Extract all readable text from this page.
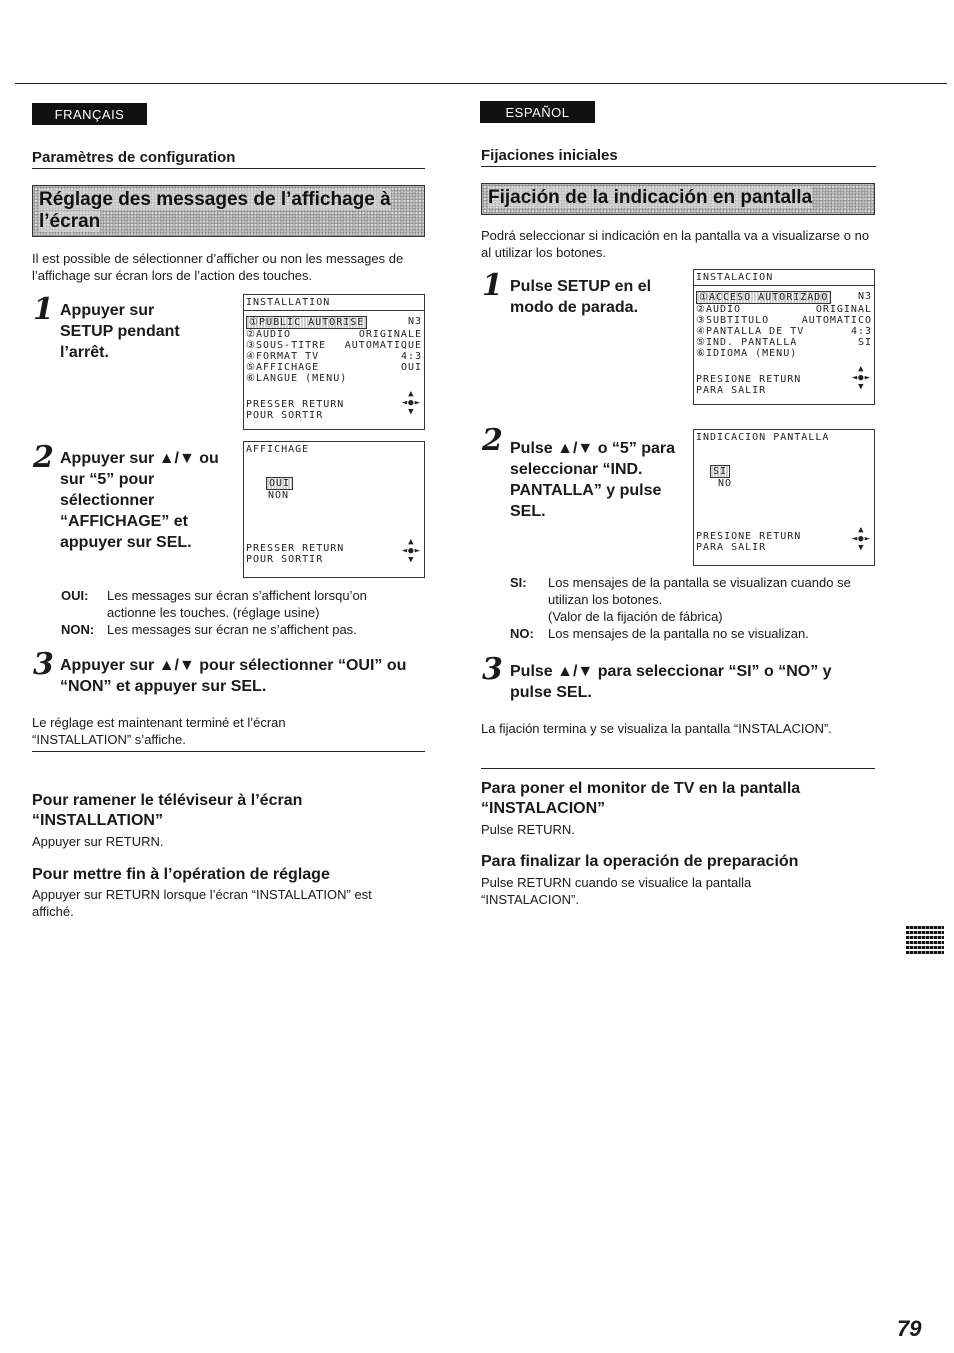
FRANÇAIS
Paramètres de configuration
Réglage des messages de l’affichage à
l’écran
Il est possible de sélectionner d’afficher ou non les messages de l’affichage sur écran lors de l’action des touches.
1 Appuyer sur SETUP pendant l’arrêt.
INSTALLATION
①PUBLIC AUTORISE	N3
②AUDIO	ORIGINALE
③SOUS-TITRE AUTOMATIQUE
④FORMAT TV	4:3
⑤AFFICHAGE	OUI
⑥LANGUE (MENU)
PRESSER RETURN
POUR SORTIR
▲
◄●►
▼
2 Appuyer sur ▲/▼ ou sur “5” pour sélectionner “AFFICHAGE” et appuyer sur SEL.
AFFICHAGE
OUI
NON
PRESSER RETURN
POUR SORTIR
▲
◄●►
▼
OUI:	Les messages sur écran s’affichent lorsqu’on actionne les touches. (réglage usine)
NON: Les messages sur écran ne s’affichent pas.
3 Appuyer sur ▲/▼ pour sélectionner “OUI” ou “NON” et appuyer sur SEL.
Le réglage est maintenant terminé et l’écran “INSTALLATION” s’affiche.
Pour ramener le téléviseur à l’écran “INSTALLATION”
Appuyer sur RETURN.
Pour mettre fin à l’opération de réglage
Appuyer sur RETURN lorsque l’écran “INSTALLATION” est affiché.
ESPAÑOL
Fijaciones iniciales
Fijación de la indicación en pantalla
Podrá seleccionar si indicación en la pantalla va a visualizarse o no al utilizar los botones.
1 Pulse SETUP en el modo de parada.
INSTALACION
①ACCESO AUTORIZADO	N3
②AUDIO	ORIGINAL
③SUBTITULO	AUTOMATICO
④PANTALLA DE TV	4:3
⑤IND. PANTALLA	SI
⑥IDIOMA (MENU)
PRESIONE RETURN
PARA SALIR
▲
◄●►
▼
2 Pulse ▲/▼ o “5” para seleccionar “IND. PANTALLA” y pulse SEL.
INDICACION PANTALLA
SI
NO
PRESIONE RETURN
PARA SALIR
▲
◄●►
▼
SI:	Los mensajes de la pantalla se visualizan cuando se utilizan los botones.
(Valor de la fijación de fábrica)
NO:	Los mensajes de la pantalla no se visualizan.
3 Pulse ▲/▼ para seleccionar “SI” o “NO” y pulse SEL.
La fijación termina y se visualiza la pantalla “INSTALACION”.
Para poner el monitor de TV en la pantalla “INSTALACION”
Pulse RETURN.
Para finalizar la operación de preparación
Pulse RETURN cuando se visualice la pantalla “INSTALACION”.
79
